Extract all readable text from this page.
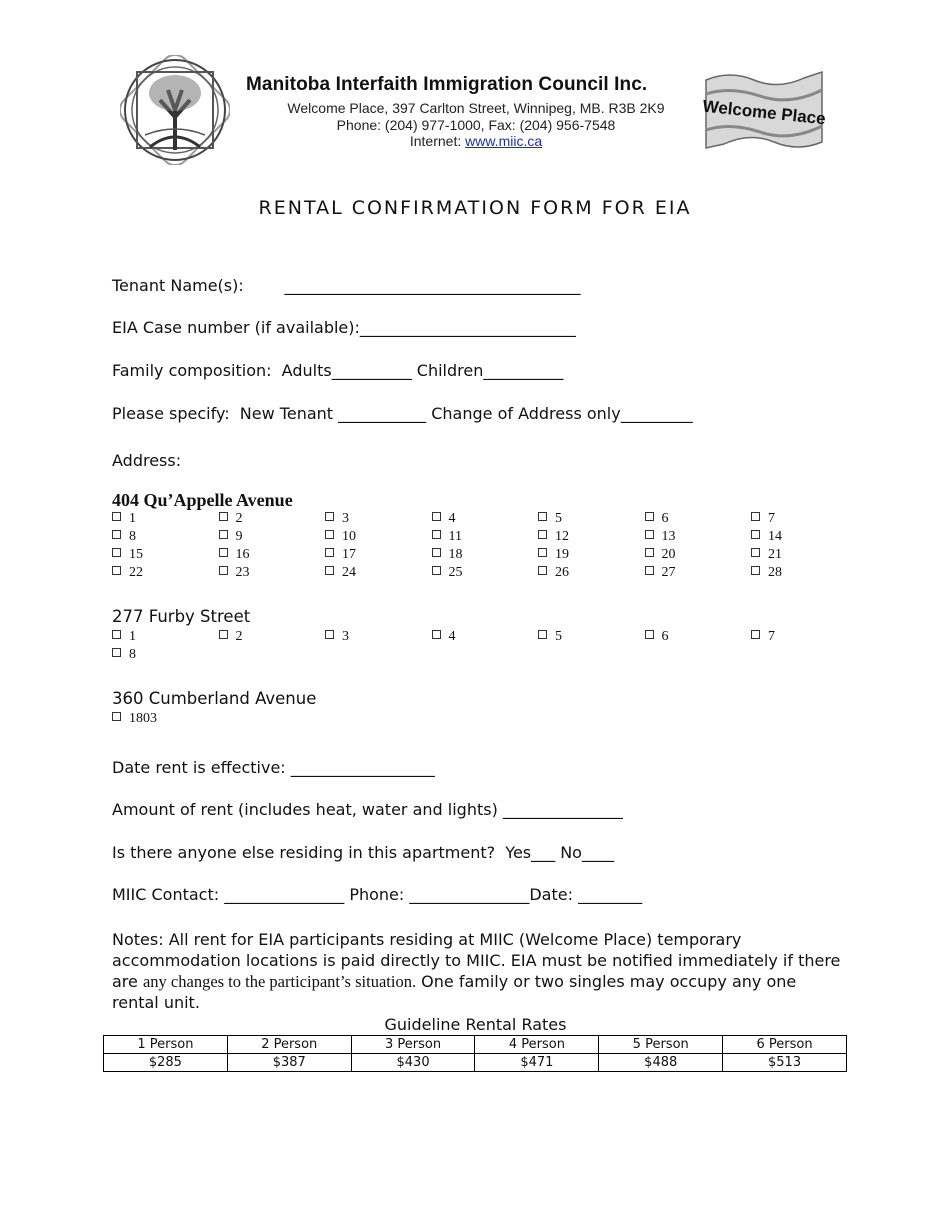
Manitoba Interfaith Immigration Council Inc.
Welcome Place, 397 Carlton Street, Winnipeg, MB. R3B 2K9
Phone: (204) 977-1000, Fax: (204) 956-7548
Internet: www.miic.ca
Welcome Place
RENTAL CONFIRMATION FORM FOR EIA
Tenant Name(s):        _____________________________________
EIA Case number (if available):___________________________
Family composition:  Adults__________ Children__________
Please specify:  New Tenant ___________ Change of Address only_________
Address:
404 Qu’Appelle Avenue
1	2	3	4	5	6	7
8	9	10	11	12	13	14
15	16	17	18	19	20	21
22	23	24	25	26	27	28
277 Furby Street
1	2	3	4	5	6	7
8
360 Cumberland Avenue
1803
Date rent is effective: __________________
Amount of rent (includes heat, water and lights) _______________
Is there anyone else residing in this apartment?  Yes___ No____
MIIC Contact: _______________ Phone: _______________Date: ________
Notes: All rent for EIA participants residing at MIIC (Welcome Place) temporary accommodation locations is paid directly to MIIC. EIA must be notified immediately if there are any changes to the participant’s situation. One family or two singles may occupy any one rental unit.
Guideline Rental Rates
1 Person	2 Person	3 Person	4 Person	5 Person	6 Person
$285	$387	$430	$471	$488	$513
